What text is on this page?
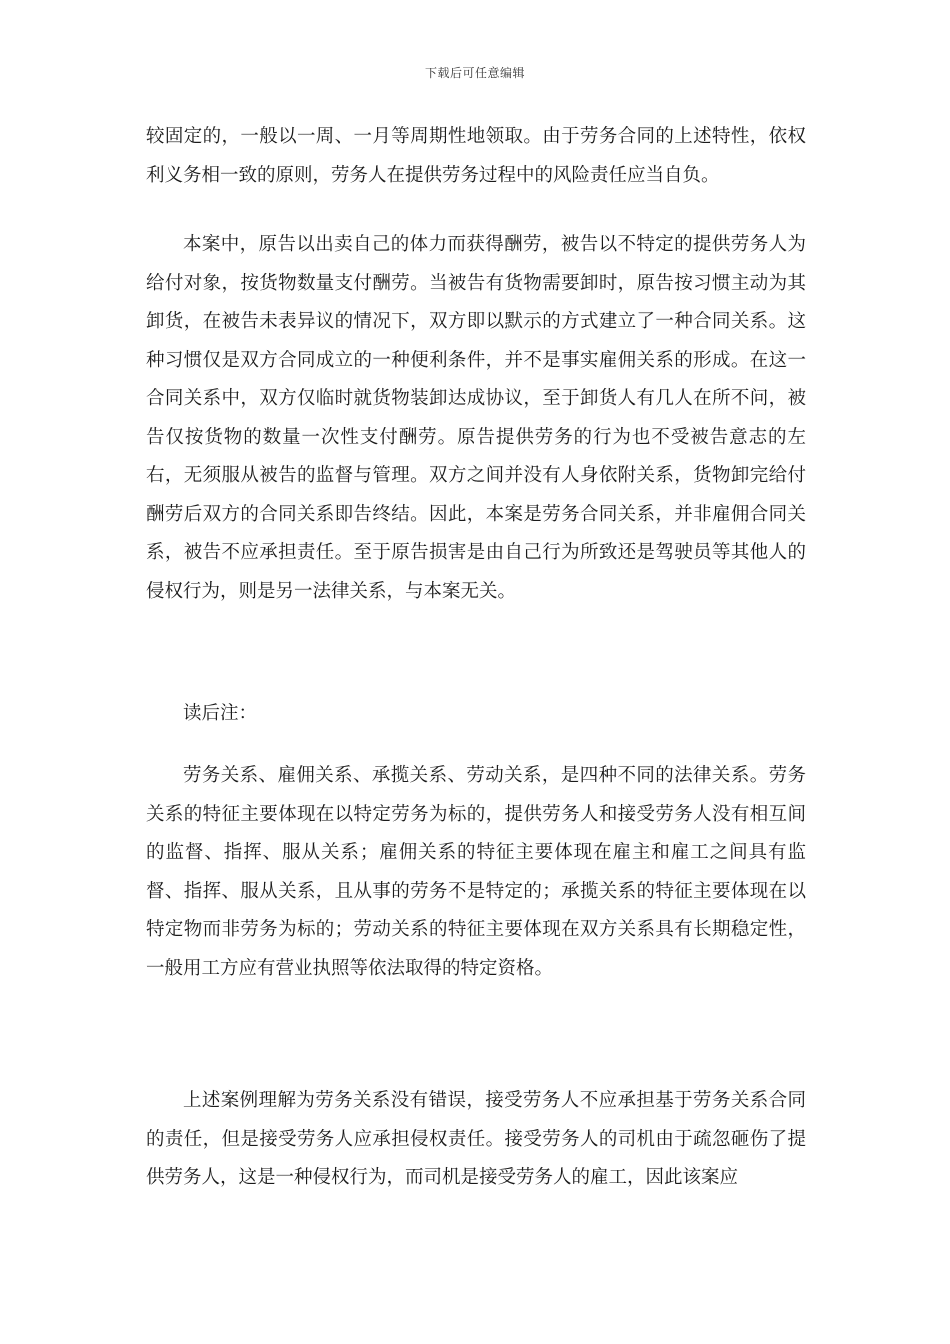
下载后可任意编辑

较固定的，一般以一周、一月等周期性地领取。由于劳务合同的上述特性，依权利义务相一致的原则，劳务人在提供劳务过程中的风险责任应当自负。

本案中，原告以出卖自己的体力而获得酬劳，被告以不特定的提供劳务人为给付对象，按货物数量支付酬劳。当被告有货物需要卸时，原告按习惯主动为其卸货，在被告未表异议的情况下，双方即以默示的方式建立了一种合同关系。这种习惯仅是双方合同成立的一种便利条件，并不是事实雇佣关系的形成。在这一合同关系中，双方仅临时就货物装卸达成协议，至于卸货人有几人在所不问，被告仅按货物的数量一次性支付酬劳。原告提供劳务的行为也不受被告意志的左右，无须服从被告的监督与管理。双方之间并没有人身依附关系，货物卸完给付酬劳后双方的合同关系即告终结。因此，本案是劳务合同关系，并非雇佣合同关系，被告不应承担责任。至于原告损害是由自己行为所致还是驾驶员等其他人的侵权行为，则是另一法律关系，与本案无关。

读后注：

劳务关系、雇佣关系、承揽关系、劳动关系，是四种不同的法律关系。劳务关系的特征主要体现在以特定劳务为标的，提供劳务人和接受劳务人没有相互间的监督、指挥、服从关系；雇佣关系的特征主要体现在雇主和雇工之间具有监督、指挥、服从关系，且从事的劳务不是特定的；承揽关系的特征主要体现在以特定物而非劳务为标的；劳动关系的特征主要体现在双方关系具有长期稳定性，一般用工方应有营业执照等依法取得的特定资格。

上述案例理解为劳务关系没有错误，接受劳务人不应承担基于劳务关系合同的责任，但是接受劳务人应承担侵权责任。接受劳务人的司机由于疏忽砸伤了提供劳务人，这是一种侵权行为，而司机是接受劳务人的雇工，因此该案应
